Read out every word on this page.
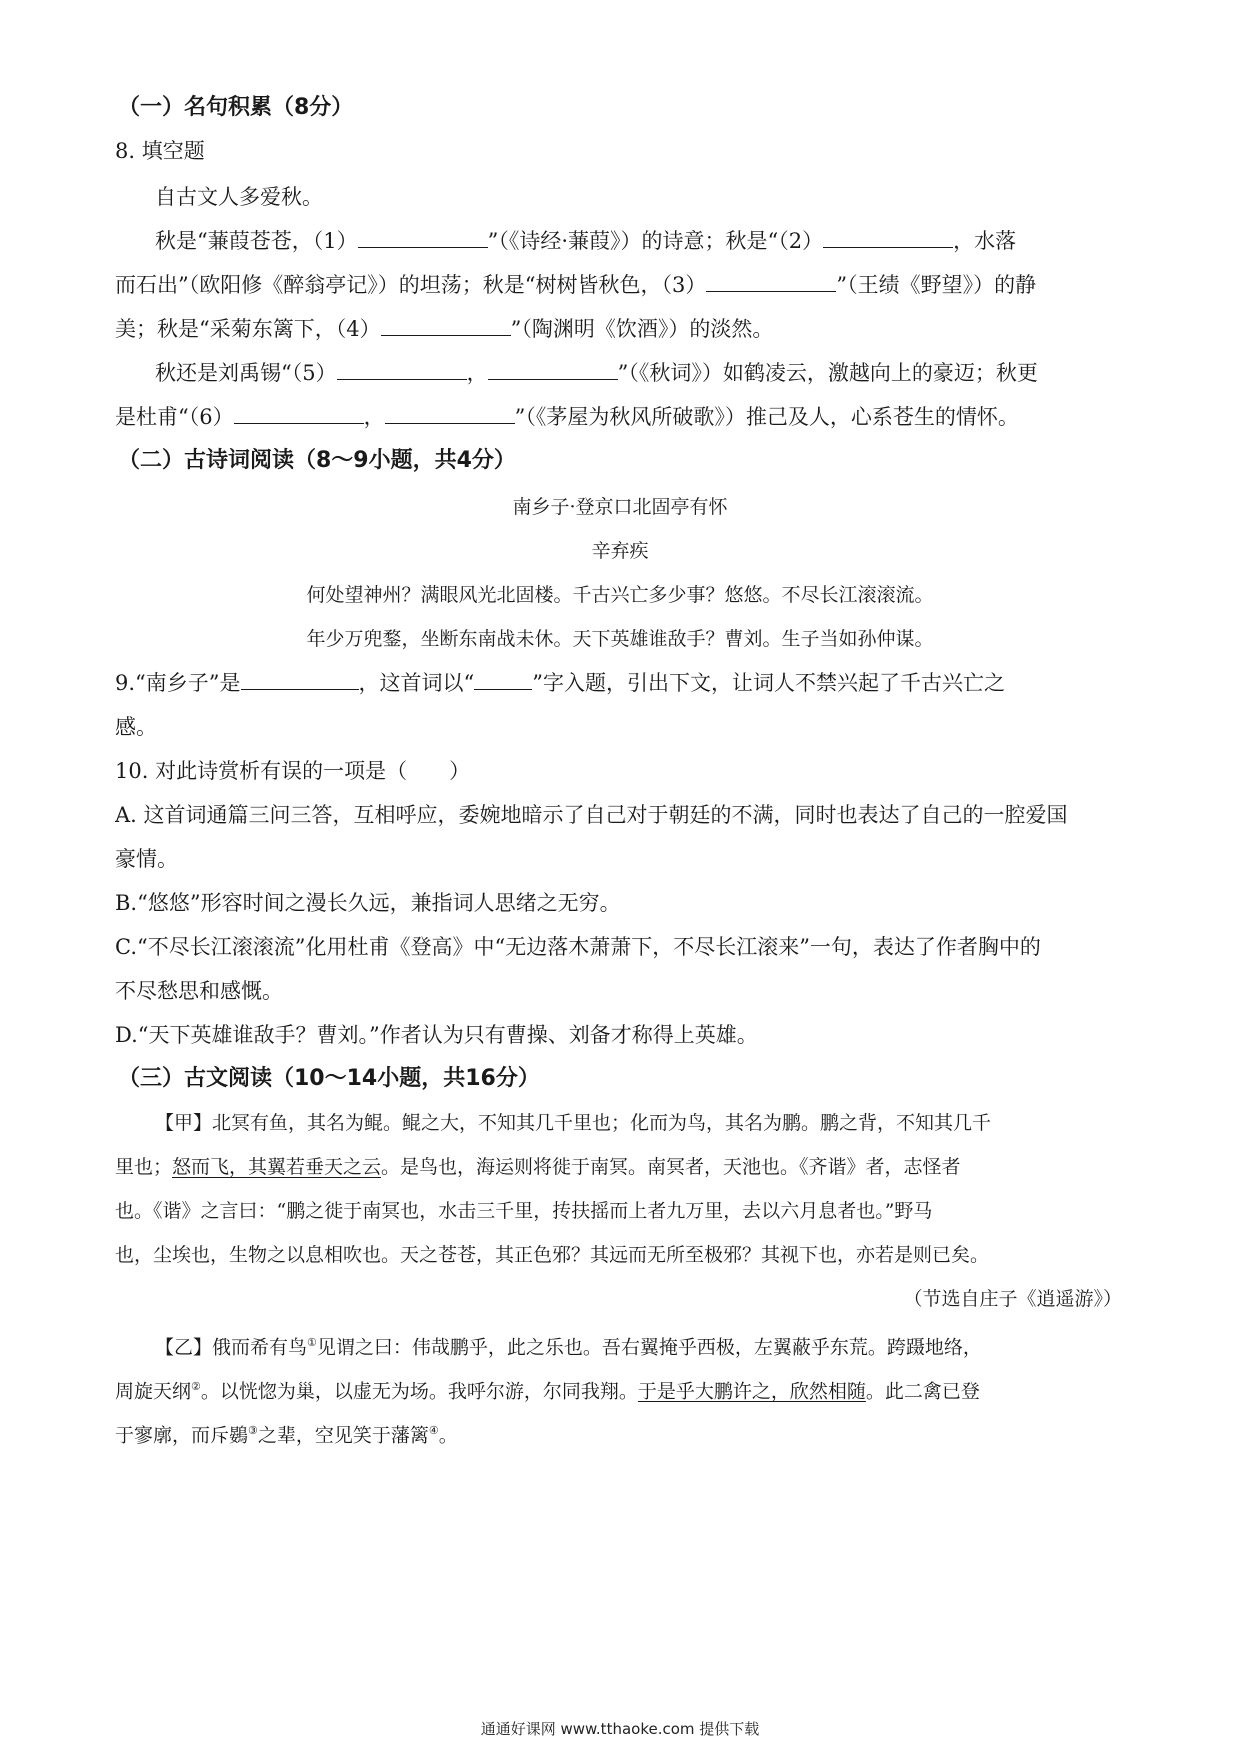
（一）名句积累（8分）
8. 填空题
自古文人多爱秋。
秋是“蒹葭苍苍，（1）	”（《诗经·蒹葭》）的诗意；秋是“（2）	，水落
而石出”（欧阳修《醉翁亭记》）的坦荡；秋是“树树皆秋色，（3）	”（王绩《野望》）的静
美；秋是“采菊东篱下，（4）	”（陶渊明《饮酒》）的淡然。
秋还是刘禹锡“（5）	，	”（《秋词》）如鹤凌云，激越向上的豪迈；秋更
是杜甫“（6）	，	”（《茅屋为秋风所破歌》）推己及人，心系苍生的情怀。
（二）古诗词阅读（8～9小题，共4分）
南乡子·登京口北固亭有怀
辛弃疾
何处望神州？满眼风光北固楼。千古兴亡多少事？悠悠。不尽长江滚滚流。
年少万兜鍪，坐断东南战未休。天下英雄谁敌手？曹刘。生子当如孙仲谋。
9.“南乡子”是	，这首词以“	”字入题，引出下文，让词人不禁兴起了千古兴亡之
感。
10. 对此诗赏析有误的一项是（　　）
A. 这首词通篇三问三答，互相呼应，委婉地暗示了自己对于朝廷的不满，同时也表达了自己的一腔爱国
豪情。
B.“悠悠”形容时间之漫长久远，兼指词人思绪之无穷。
C.“不尽长江滚滚流”化用杜甫《登高》中“无边落木萧萧下，不尽长江滚来”一句，表达了作者胸中的
不尽愁思和感慨。
D.“天下英雄谁敌手？曹刘。”作者认为只有曹操、刘备才称得上英雄。
（三）古文阅读（10～14小题，共16分）
【甲】北冥有鱼，其名为鲲。鲲之大，不知其几千里也；化而为鸟，其名为鹏。鹏之背，不知其几千
里也；怒而飞，其翼若垂天之云。是鸟也，海运则将徙于南冥。南冥者，天池也。《齐谐》者，志怪者
也。《谐》之言曰：“鹏之徙于南冥也，水击三千里，抟扶摇而上者九万里，去以六月息者也。”野马
也，尘埃也，生物之以息相吹也。天之苍苍，其正色邪？其远而无所至极邪？其视下也，亦若是则已矣。
（节选自庄子《逍遥游》）
【乙】俄而希有鸟①见谓之曰：伟哉鹏乎，此之乐也。吾右翼掩乎西极，左翼蔽乎东荒。跨蹑地络，
周旋天纲②。以恍惚为巢，以虚无为场。我呼尔游，尔同我翔。于是乎大鹏许之，欣然相随。此二禽已登
于寥廓，而斥鷃③之辈，空见笑于藩篱④。
通通好课网 www.tthaoke.com 提供下载
